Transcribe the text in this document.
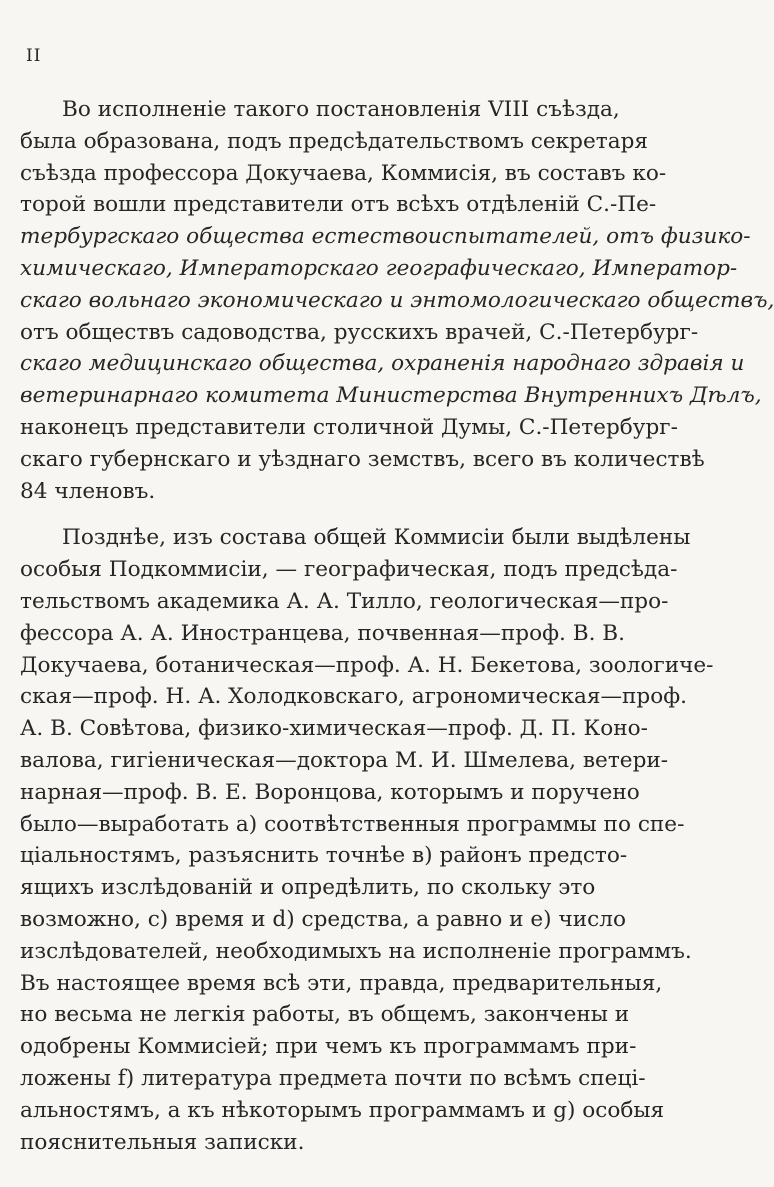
II
Во исполненіе такого постановленія VIII съѣзда,
была образована, подъ предсѣдательствомъ секретаря
съѣзда профессора Докучаева, Коммисія, въ составъ ко-
торой вошли представители отъ всѣхъ отдѣленій С.-Пе-
тербургскаго общества естествоиспытателей, отъ физико-
химическаго, Императорскаго географическаго, Император-
скаго вольнаго экономическаго и энтомологическаго обществъ,
отъ обществъ садоводства, русскихъ врачей, С.-Петербург-
скаго медицинскаго общества, охраненія народнаго здравія и
ветеринарнаго комитета Министерства Внутреннихъ Дѣлъ,
наконецъ представители столичной Думы, С.-Петербург-
скаго губернскаго и уѣзднаго земствъ, всего въ количествѣ
84 членовъ.
Позднѣе, изъ состава общей Коммисіи были выдѣлены
особыя Подкоммисіи, — географическая, подъ предсѣда-
тельствомъ академика А. А. Тилло, геологическая—про-
фессора А. А. Иностранцева, почвенная—проф. В. В.
Докучаева, ботаническая—проф. А. Н. Бекетова, зоологиче-
ская—проф. Н. А. Холодковскаго, агрономическая—проф.
А. В. Совѣтова, физико-химическая—проф. Д. П. Коно-
валова, гигіеническая—доктора М. И. Шмелева, ветери-
нарная—проф. В. Е. Воронцова, которымъ и поручено
было—выработать a) соотвѣтственныя программы по спе-
ціальностямъ, разъяснить точнѣе в) районъ предсто-
ящихъ изслѣдованій и опредѣлить, по скольку это
возможно, c) время и d) средства, а равно и e) число
изслѣдователей, необходимыхъ на исполненіе программъ.
Въ настоящее время всѣ эти, правда, предварительныя,
но весьма не легкія работы, въ общемъ, закончены и
одобрены Коммисіей; при чемъ къ программамъ при-
ложены f) литература предмета почти по всѣмъ спеці-
альностямъ, а къ нѣкоторымъ программамъ и g) особыя
пояснительныя записки.
